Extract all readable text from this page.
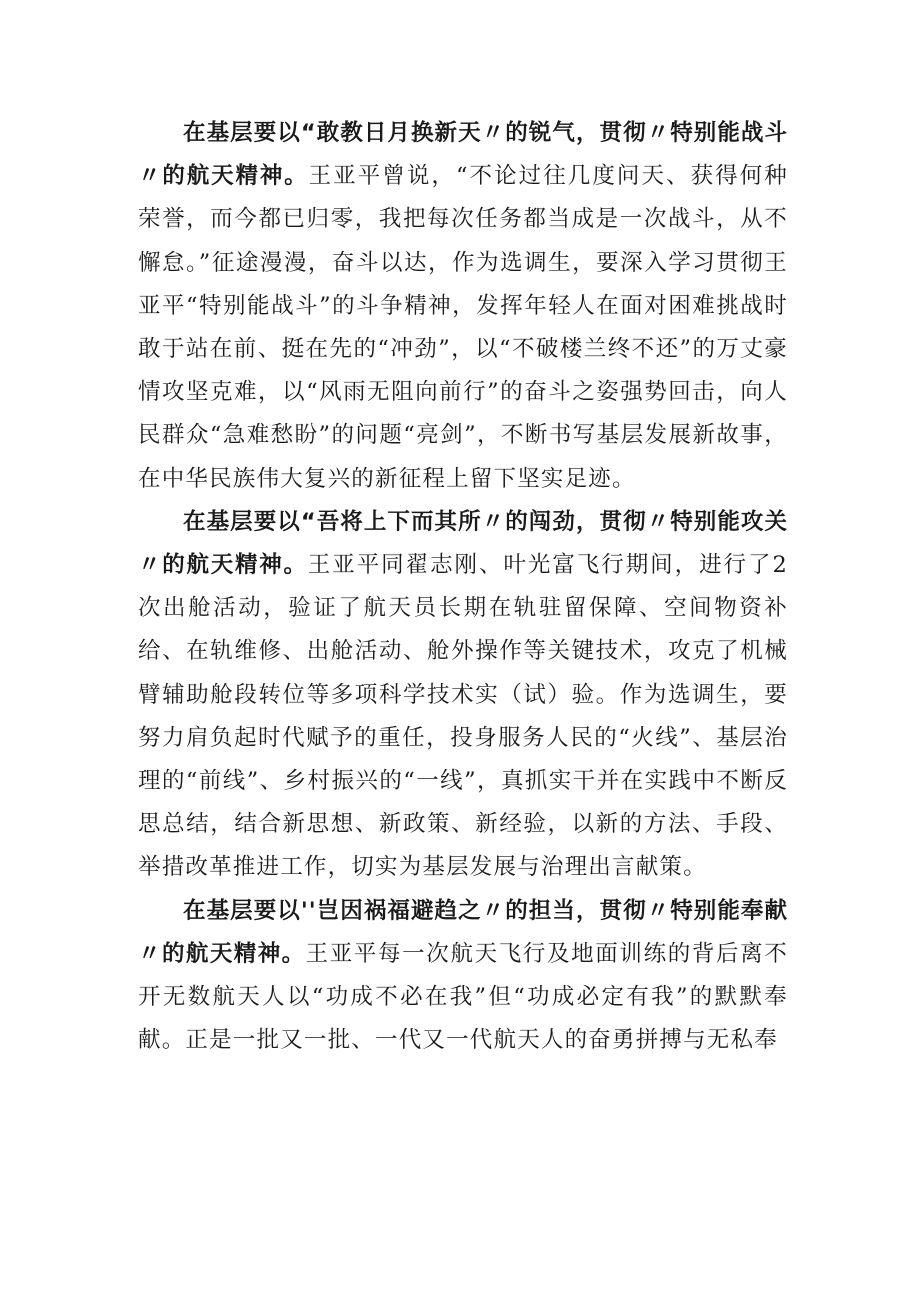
在基层要以“敢教日月换新天〃的锐气，贯彻〃特别能战斗〃的航天精神。王亚平曾说，“不论过往几度问天、获得何种荣誉，而今都已归零，我把每次任务都当成是一次战斗，从不懈怠。”征途漫漫，奋斗以达，作为选调生，要深入学习贯彻王亚平“特别能战斗”的斗争精神，发挥年轻人在面对困难挑战时敢于站在前、挺在先的“冲劲”，以“不破楼兰终不还”的万丈豪情攻坚克难，以“风雨无阻向前行”的奋斗之姿强势回击，向人民群众“急难愁盼”的问题“亮剑”，不断书写基层发展新故事，在中华民族伟大复兴的新征程上留下坚实足迹。

在基层要以“吾将上下而其所〃的闯劲，贯彻〃特别能攻关〃的航天精神。王亚平同翟志刚、叶光富飞行期间，进行了2次出舱活动，验证了航天员长期在轨驻留保障、空间物资补给、在轨维修、出舱活动、舱外操作等关键技术，攻克了机械臂辅助舱段转位等多项科学技术实（试）验。作为选调生，要努力肩负起时代赋予的重任，投身服务人民的“火线”、基层治理的“前线”、乡村振兴的“一线”，真抓实干并在实践中不断反思总结，结合新思想、新政策、新经验，以新的方法、手段、举措改革推进工作，切实为基层发展与治理出言献策。

在基层要以''岂因祸福避趋之〃的担当，贯彻〃特别能奉献〃的航天精神。王亚平每一次航天飞行及地面训练的背后离不开无数航天人以“功成不必在我”但“功成必定有我”的默默奉献。正是一批又一批、一代又一代航天人的奋勇拼搏与无私奉
